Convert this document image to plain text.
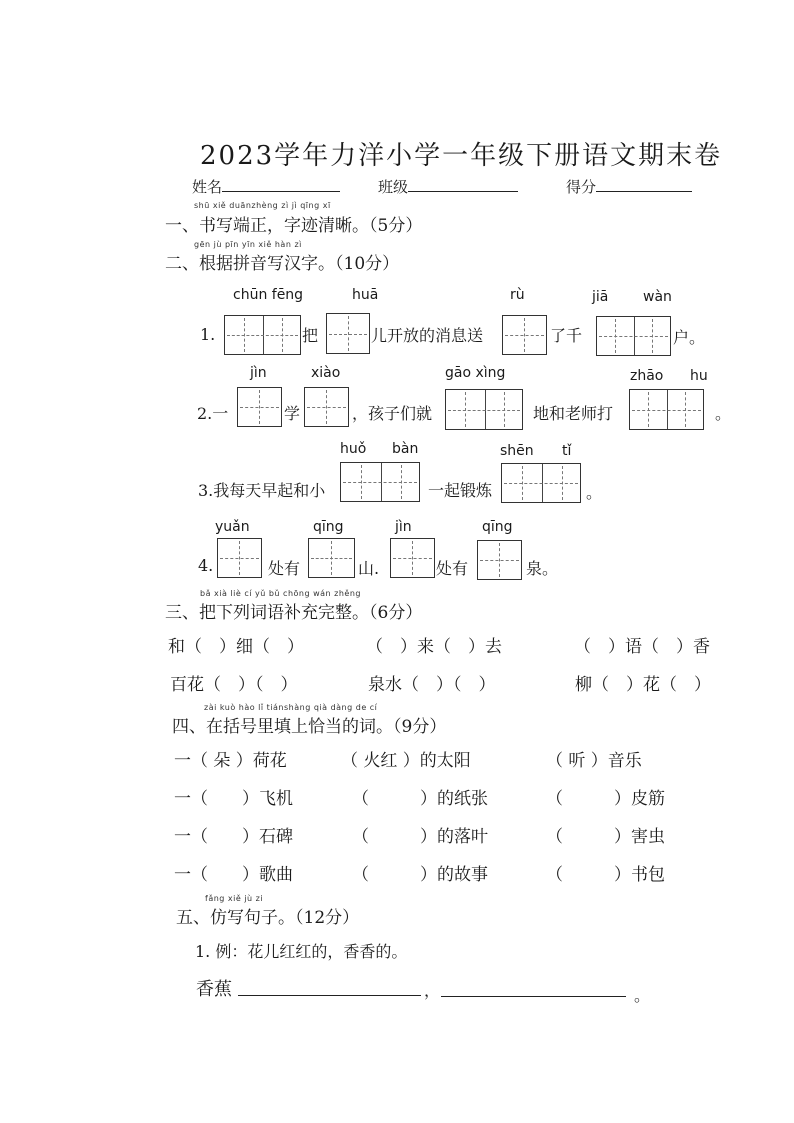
2023学年力洋小学一年级下册语文期末卷
姓名	班级	得分
shū xiě duānzhèng zì jì qīng xī
一、书写端正，字迹清晰。（5分）
gēn jù pīn yīn xiě hàn zì
二、根据拼音写汉字。（10分）
chūn fēng	huā	rù	jiā wàn
1.	把	儿开放的消息送	了千	户。
jìn	xiào	gāo xìng	zhāo hu
2.一	学	，孩子们就	地和老师打	。
huǒ bàn	shēn tǐ
3.我每天早起和小	一起锻炼	。
yuǎn	qīng	jìn	qīng
4.	处有	山.	处有	泉。
bǎ xià liè cí yǔ bǔ chōng wán zhěng
三、把下列词语补充完整。（6分）
和（　）细（　）	（　）来（　）去	（　）语（　）香
百花（　）（　）	泉水（　）（　）	柳（　）花（　）
zài kuò hào lǐ tiánshàng qià dàng de cí
四、在括号里填上恰当的词。（9分）
一（ 朵 ）荷花	（ 火红 ）的太阳	（ 听 ）音乐
一（　　）飞机	（　　　）的纸张	（　　　）皮筋
一（　　）石碑	（　　　）的落叶	（　　　）害虫
一（　　）歌曲	（　　　）的故事	（　　　）书包
fǎng xiě jù zi
五、仿写句子。（12分）
1. 例：花儿红红的，香香的。
香蕉	，	。
